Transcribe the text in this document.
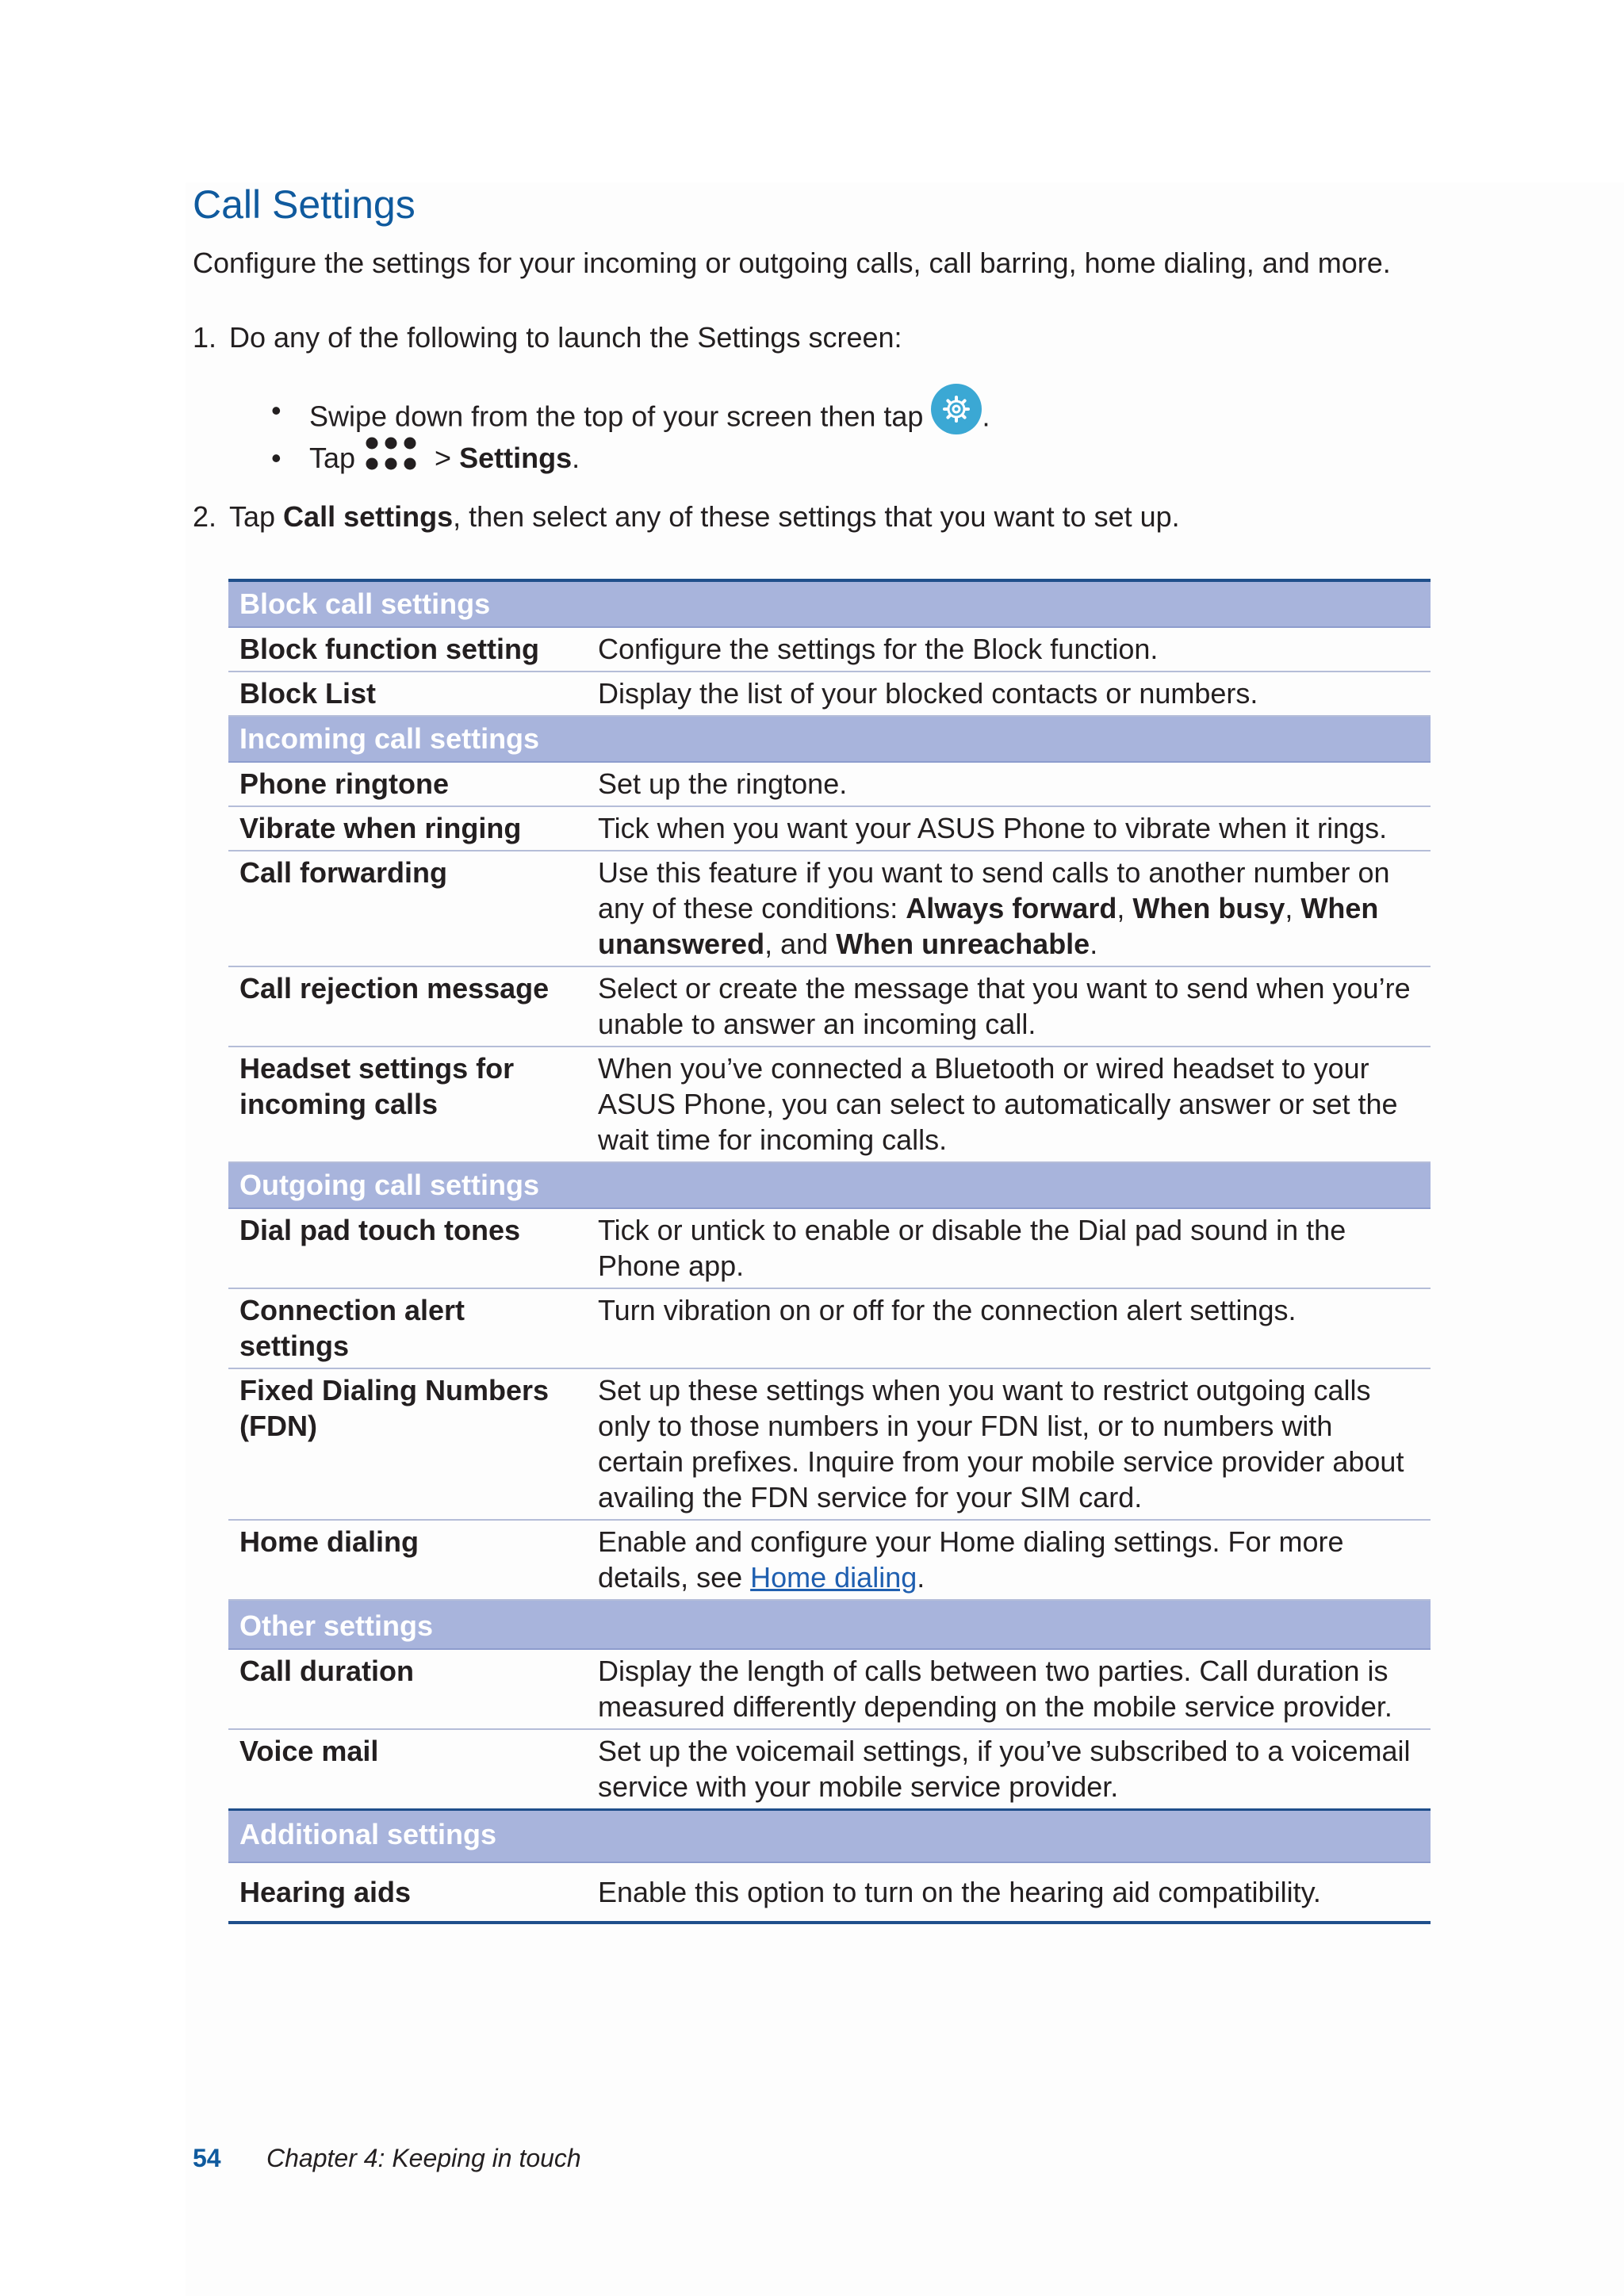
Call Settings
Configure the settings for your incoming or outgoing calls, call barring, home dialing, and more.
1. Do any of the following to launch the Settings screen:
• Swipe down from the top of your screen then tap .
• Tap	> Settings.
2. Tap Call settings, then select any of these settings that you want to set up.
Block call settings	
Block function setting	Configure the settings for the Block function.
Block List	Display the list of your blocked contacts or numbers.
Incoming call settings	
Phone ringtone	Set up the ringtone.
Vibrate when ringing	Tick when you want your ASUS Phone to vibrate when it rings.
Call forwarding	Use this feature if you want to send calls to another number on any of these conditions: Always forward, When busy, When unanswered, and When unreachable.
Call rejection message	Select or create the message that you want to send when you’re unable to answer an incoming call.
Headset settings for incoming calls	When you’ve connected a Bluetooth or wired headset to your ASUS Phone, you can select to automatically answer or set the wait time for incoming calls.
Outgoing call settings	
Dial pad touch tones	Tick or untick to enable or disable the Dial pad sound in the Phone app.
Connection alert settings	Turn vibration on or off for the connection alert settings.
Fixed Dialing Numbers (FDN)	Set up these settings when you want to restrict outgoing calls only to those numbers in your FDN list, or to numbers with certain prefixes. Inquire from your mobile service provider about availing the FDN service for your SIM card.
Home dialing	Enable and configure your Home dialing settings. For more details, see Home dialing.
Other settings	
Call duration	Display the length of calls between two parties. Call duration is measured differently depending on the mobile service provider.
Voice mail	Set up the voicemail settings, if you’ve subscribed to a voicemail service with your mobile service provider.
Additional settings	
Hearing aids	Enable this option to turn on the hearing aid compatibility.
54 Chapter 4: Keeping in touch
